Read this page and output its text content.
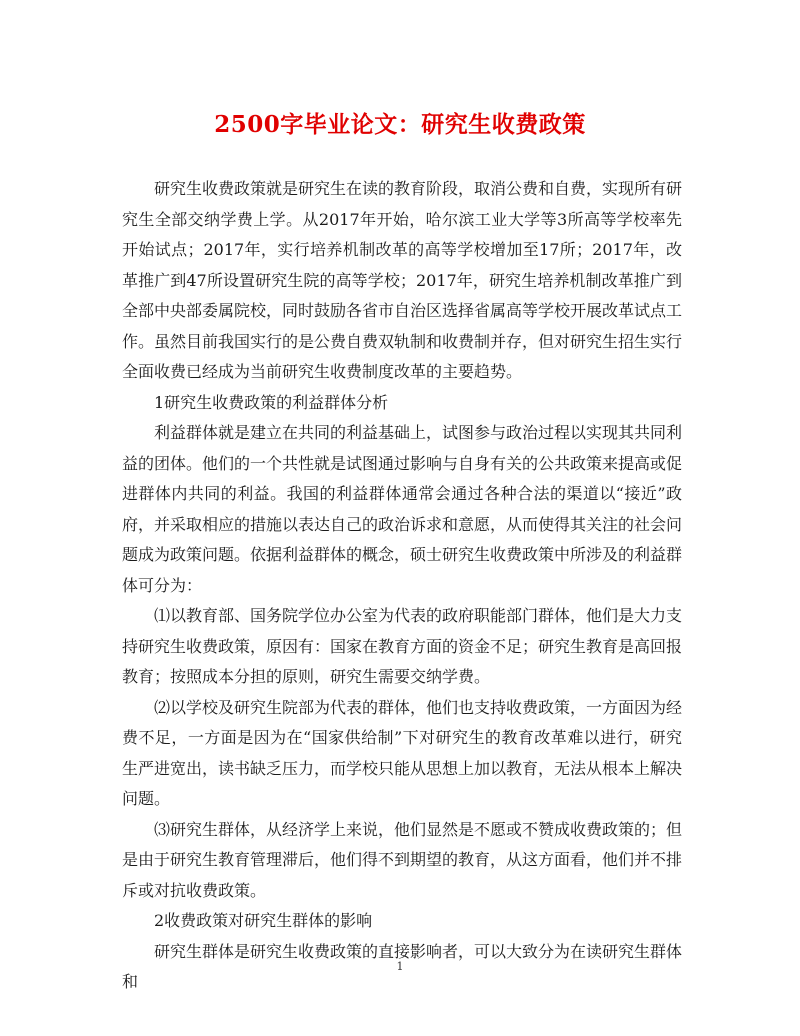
2500字毕业论文：研究生收费政策

研究生收费政策就是研究生在读的教育阶段，取消公费和自费，实现所有研究生全部交纳学费上学。从2017年开始，哈尔滨工业大学等3所高等学校率先开始试点；2017年，实行培养机制改革的高等学校增加至17所；2017年，改革推广到47所设置研究生院的高等学校；2017年，研究生培养机制改革推广到全部中央部委属院校，同时鼓励各省市自治区选择省属高等学校开展改革试点工作。虽然目前我国实行的是公费自费双轨制和收费制并存，但对研究生招生实行全面收费已经成为当前研究生收费制度改革的主要趋势。

1研究生收费政策的利益群体分析

利益群体就是建立在共同的利益基础上，试图参与政治过程以实现其共同利益的团体。他们的一个共性就是试图通过影响与自身有关的公共政策来提高或促进群体内共同的利益。我国的利益群体通常会通过各种合法的渠道以“接近”政府，并采取相应的措施以表达自己的政治诉求和意愿，从而使得其关注的社会问题成为政策问题。依据利益群体的概念，硕士研究生收费政策中所涉及的利益群体可分为：

⑴以教育部、国务院学位办公室为代表的政府职能部门群体，他们是大力支持研究生收费政策，原因有：国家在教育方面的资金不足；研究生教育是高回报教育；按照成本分担的原则，研究生需要交纳学费。

⑵以学校及研究生院部为代表的群体，他们也支持收费政策，一方面因为经费不足，一方面是因为在“国家供给制”下对研究生的教育改革难以进行，研究生严进宽出，读书缺乏压力，而学校只能从思想上加以教育，无法从根本上解决问题。

⑶研究生群体，从经济学上来说，他们显然是不愿或不赞成收费政策的；但是由于研究生教育管理滞后，他们得不到期望的教育，从这方面看，他们并不排斥或对抗收费政策。

2收费政策对研究生群体的影响

研究生群体是研究生收费政策的直接影响者，可以大致分为在读研究生群体和

1
